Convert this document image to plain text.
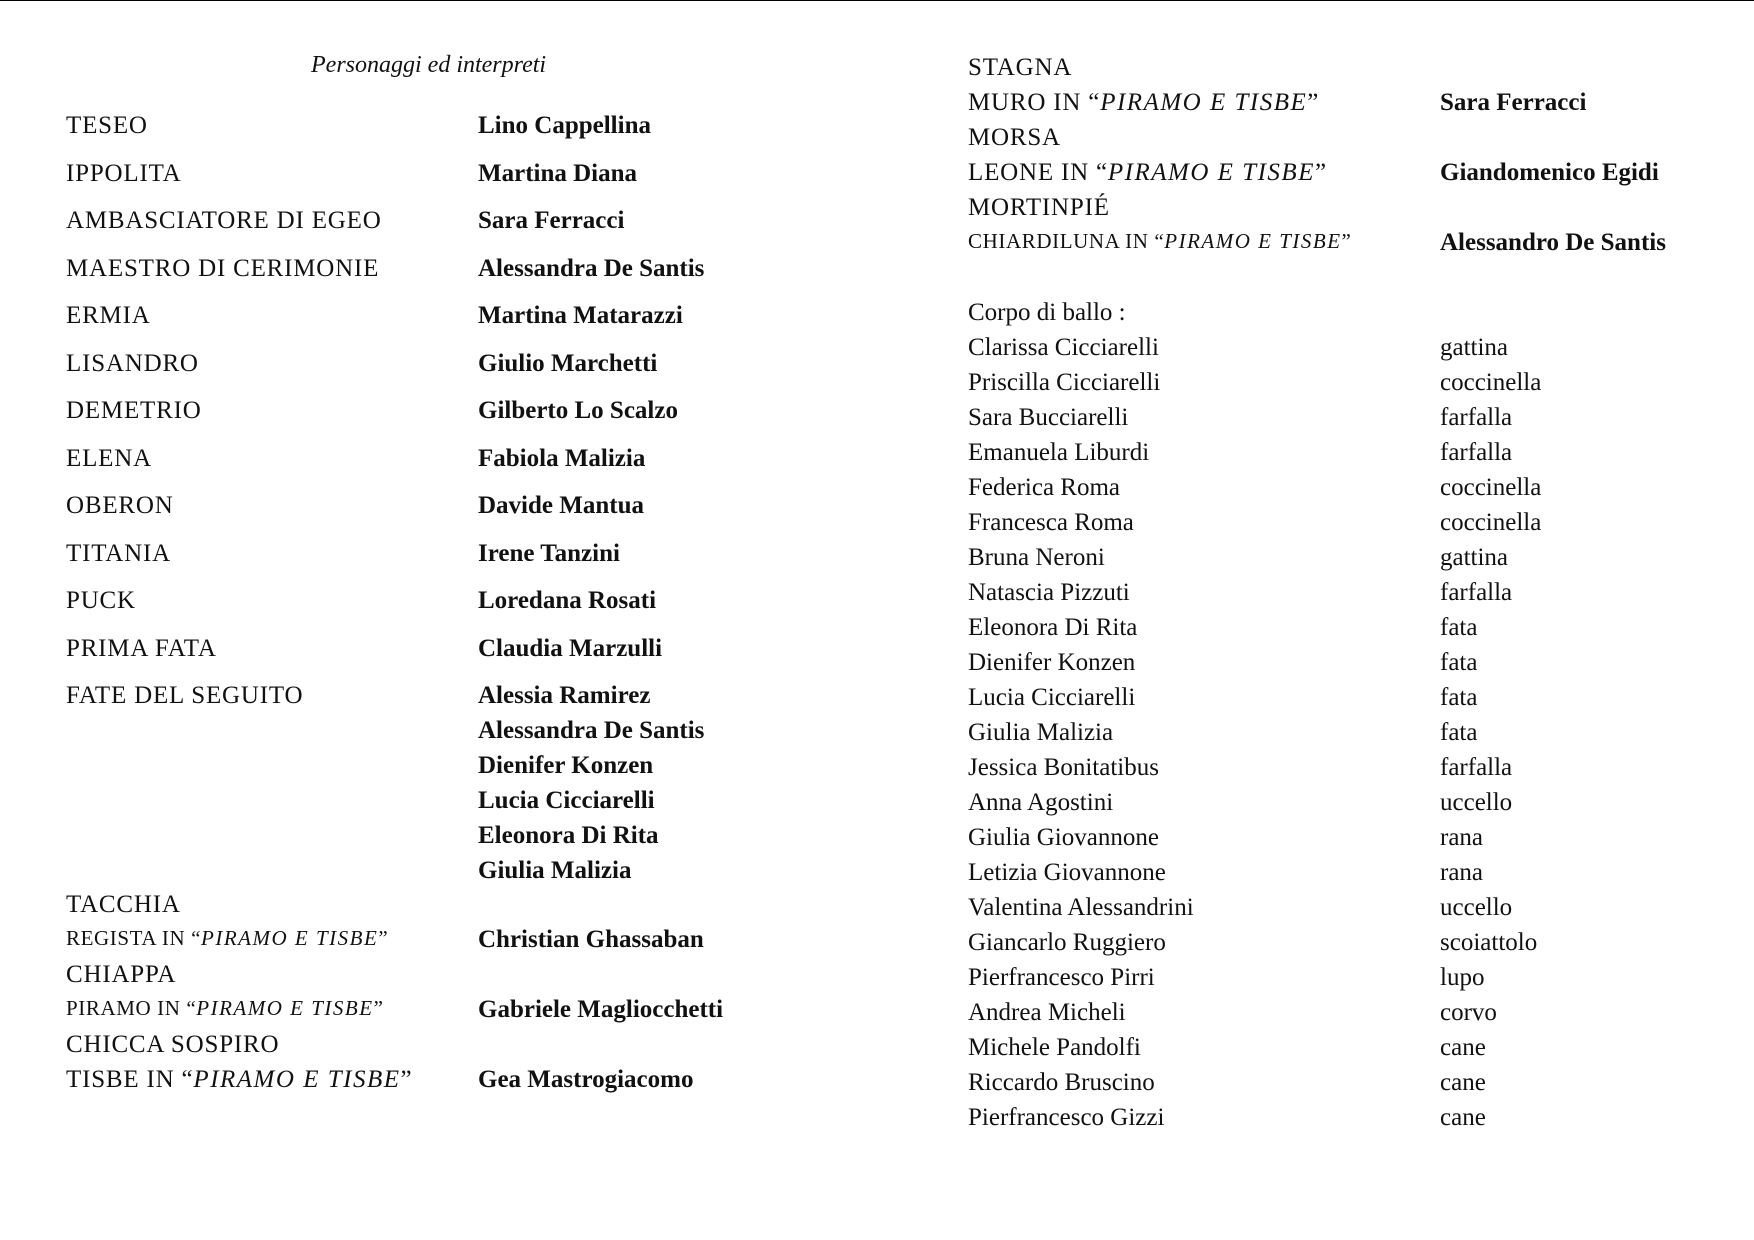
Personaggi ed interpreti
TESEO	Lino Cappellina
IPPOLITA	Martina Diana
AMBASCIATORE DI EGEO	Sara Ferracci
MAESTRO DI CERIMONIE	Alessandra De Santis
ERMIA	Martina Matarazzi
LISANDRO	Giulio Marchetti
DEMETRIO	Gilberto Lo Scalzo
ELENA	Fabiola Malizia
OBERON	Davide Mantua
TITANIA	Irene Tanzini
PUCK	Loredana Rosati
PRIMA FATA	Claudia Marzulli
FATE DEL SEGUITO	Alessia Ramirez
Alessandra De Santis
Dienifer Konzen
Lucia Cicciarelli
Eleonora Di Rita
Giulia Malizia
TACCHIA
REGISTA IN “PIRAMO E TISBE”	Christian Ghassaban
CHIAPPA
PIRAMO IN “PIRAMO E TISBE”	Gabriele Magliocchetti
CHICCA SOSPIRO
TISBE IN “PIRAMO E TISBE”	Gea Mastrogiacomo
STAGNA
MURO IN “PIRAMO E TISBE”	Sara Ferracci
MORSA
LEONE IN “PIRAMO E TISBE”	Giandomenico Egidi
MORTINPIÉ
CHIARDILUNA IN “PIRAMO E TISBE”	Alessandro De Santis
Corpo di ballo :
Clarissa Cicciarelli	gattina
Priscilla Cicciarelli	coccinella
Sara Bucciarelli	farfalla
Emanuela Liburdi	farfalla
Federica Roma	coccinella
Francesca Roma	coccinella
Bruna Neroni	gattina
Natascia Pizzuti	farfalla
Eleonora Di Rita	fata
Dienifer Konzen	fata
Lucia Cicciarelli	fata
Giulia Malizia	fata
Jessica Bonitatibus	farfalla
Anna Agostini	uccello
Giulia Giovannone	rana
Letizia Giovannone	rana
Valentina Alessandrini	uccello
Giancarlo Ruggiero	scoiattolo
Pierfrancesco Pirri	lupo
Andrea Micheli	corvo
Michele Pandolfi	cane
Riccardo Bruscino	cane
Pierfrancesco Gizzi	cane
